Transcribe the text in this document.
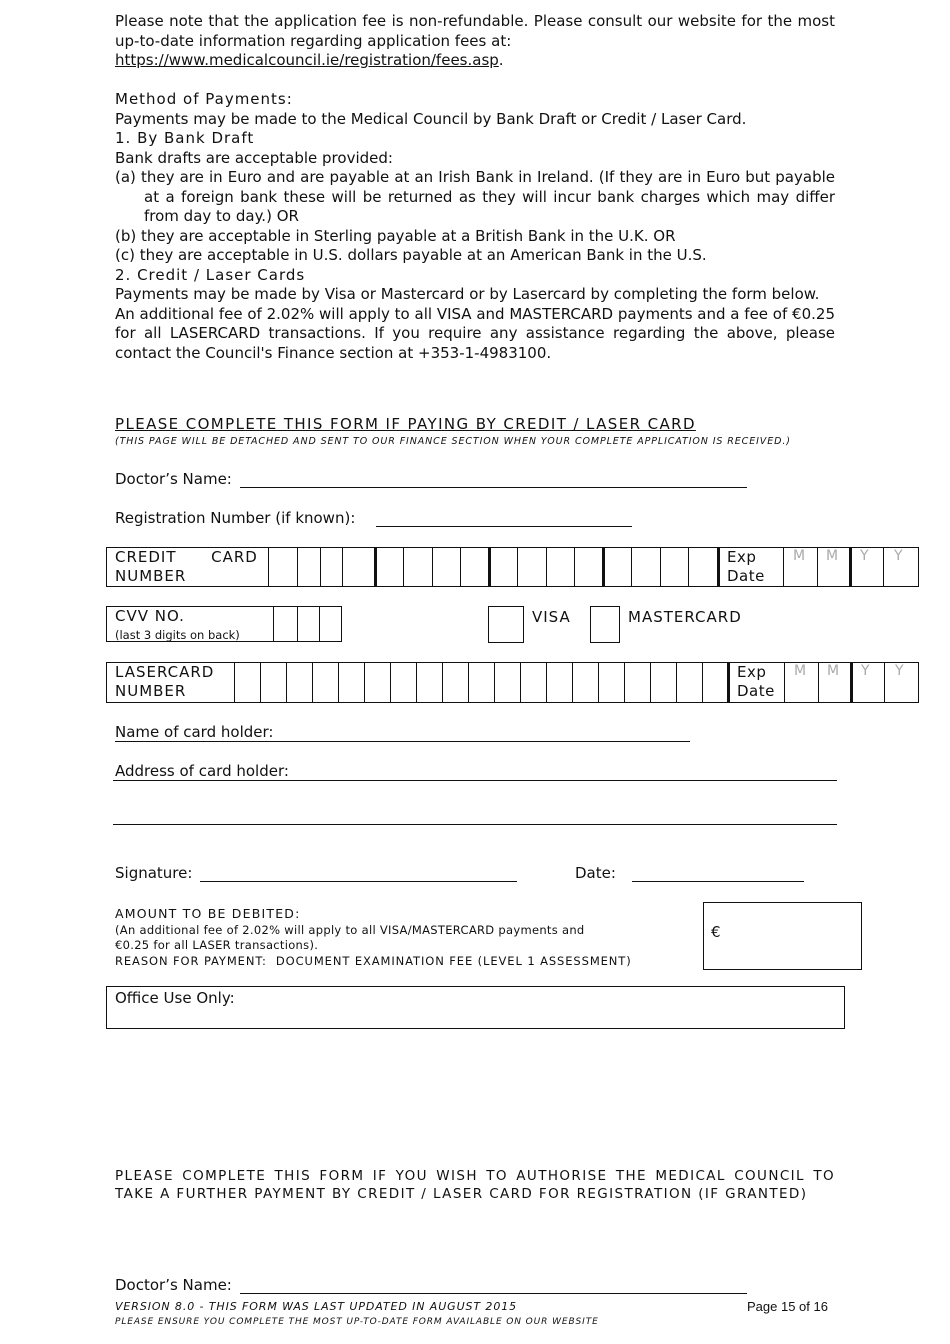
Please note that the application fee is non-refundable. Please consult our website for the most up-to-date information regarding application fees at:
https://www.medicalcouncil.ie/registration/fees.asp.

Method of Payments:

Payments may be made to the Medical Council by Bank Draft or Credit / Laser Card.

1. By Bank Draft

Bank drafts are acceptable provided:

(a) they are in Euro and are payable at an Irish Bank in Ireland. (If they are in Euro but payable at a foreign bank these will be returned as they will incur bank charges which may differ from day to day.) OR

(b) they are acceptable in Sterling payable at a British Bank in the U.K. OR

(c) they are acceptable in U.S. dollars payable at an American Bank in the U.S.

2. Credit / Laser Cards

Payments may be made by Visa or Mastercard or by Lasercard by completing the form below.

An additional fee of 2.02% will apply to all VISA and MASTERCARD payments and a fee of €0.25 for all LASERCARD transactions. If you require any assistance regarding the above, please contact the Council's Finance section at +353-1-4983100.

PLEASE COMPLETE THIS FORM IF PAYING BY CREDIT / LASER CARD
(THIS PAGE WILL BE DETACHED AND SENT TO OUR FINANCE SECTION WHEN YOUR COMPLETE APPLICATION IS RECEIVED.)
Doctor’s Name:
Registration Number (if known):
CREDIT      CARD
NUMBER
Exp
Date
M M Y Y
CVV NO.
(last 3 digits on back)
VISA	MASTERCARD
LASERCARD
NUMBER
Exp
Date
M M Y Y
Name of card holder:
Address of card holder:
Signature:	Date:
AMOUNT TO BE DEBITED:
(An additional fee of 2.02% will apply to all VISA/MASTERCARD payments and
€0.25 for all LASER transactions).
REASON FOR PAYMENT: DOCUMENT EXAMINATION FEE (LEVEL 1 ASSESSMENT)
€
Office Use Only:
PLEASE COMPLETE THIS FORM IF YOU WISH TO AUTHORISE THE MEDICAL COUNCIL TO TAKE A FURTHER PAYMENT BY CREDIT / LASER CARD FOR REGISTRATION (IF GRANTED)
Doctor’s Name:
VERSION 8.0 - THIS FORM WAS LAST UPDATED IN AUGUST 2015
PLEASE ENSURE YOU COMPLETE THE MOST UP-TO-DATE FORM AVAILABLE ON OUR WEBSITE
Page 15 of 16
